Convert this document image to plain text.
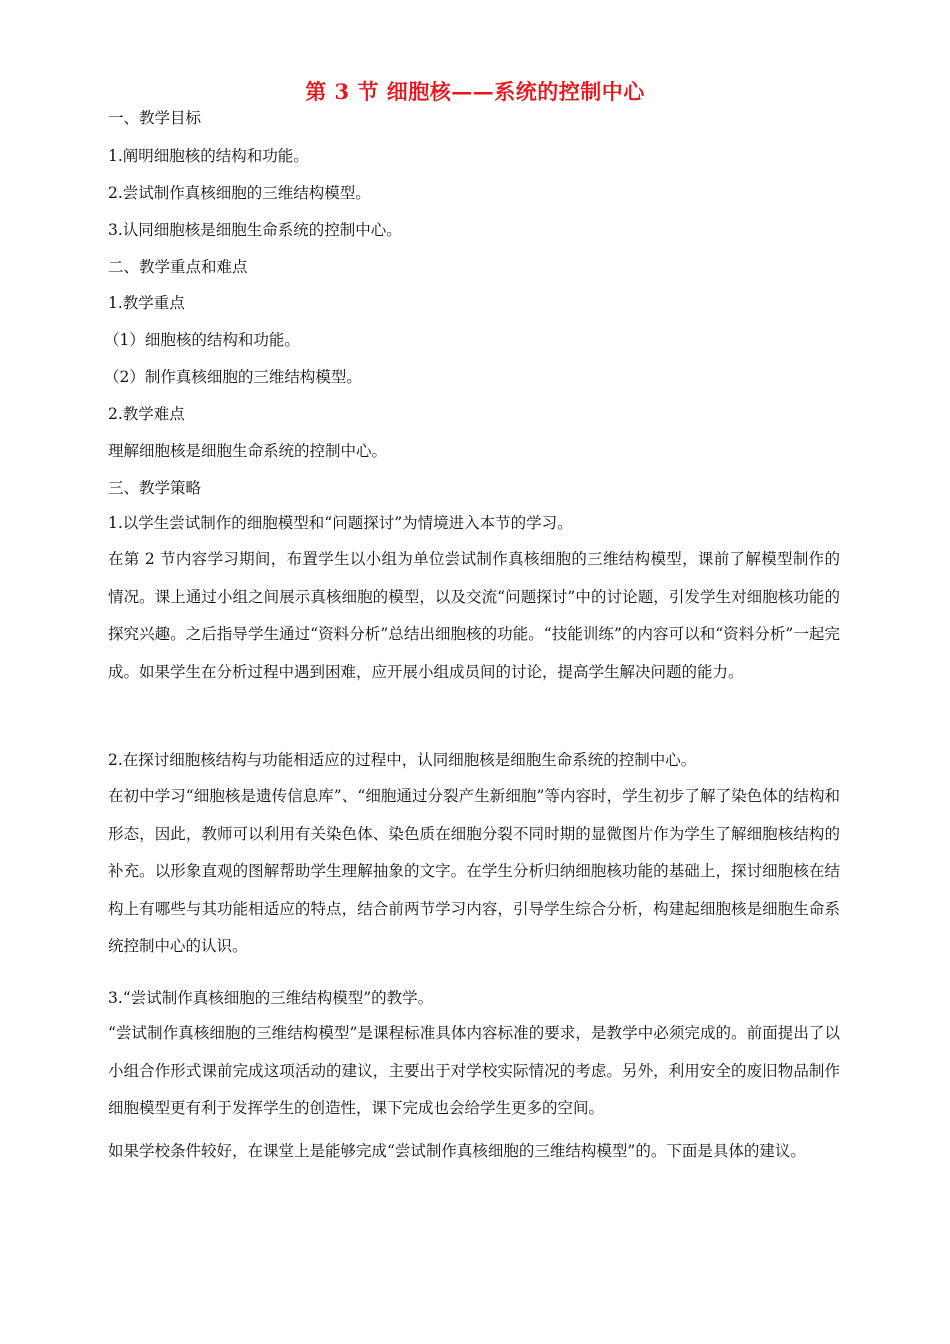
第 3 节 细胞核——系统的控制中心
一、教学目标
1.阐明细胞核的结构和功能。
2.尝试制作真核细胞的三维结构模型。
3.认同细胞核是细胞生命系统的控制中心。
二、教学重点和难点
1.教学重点
（1）细胞核的结构和功能。
（2）制作真核细胞的三维结构模型。
2.教学难点
理解细胞核是细胞生命系统的控制中心。
三、教学策略
1.以学生尝试制作的细胞模型和“问题探讨”为情境进入本节的学习。
在第 2 节内容学习期间，布置学生以小组为单位尝试制作真核细胞的三维结构模型，课前了解模型制作的情况。课上通过小组之间展示真核细胞的模型，以及交流“问题探讨”中的讨论题，引发学生对细胞核功能的探究兴趣。之后指导学生通过“资料分析”总结出细胞核的功能。“技能训练”的内容可以和“资料分析”一起完成。如果学生在分析过程中遇到困难，应开展小组成员间的讨论，提高学生解决问题的能力。
2.在探讨细胞核结构与功能相适应的过程中，认同细胞核是细胞生命系统的控制中心。
在初中学习“细胞核是遗传信息库”、“细胞通过分裂产生新细胞”等内容时，学生初步了解了染色体的结构和形态，因此，教师可以利用有关染色体、染色质在细胞分裂不同时期的显微图片作为学生了解细胞核结构的补充。以形象直观的图解帮助学生理解抽象的文字。在学生分析归纳细胞核功能的基础上，探讨细胞核在结构上有哪些与其功能相适应的特点，结合前两节学习内容，引导学生综合分析，构建起细胞核是细胞生命系统控制中心的认识。
3.“尝试制作真核细胞的三维结构模型”的教学。
“尝试制作真核细胞的三维结构模型”是课程标准具体内容标准的要求，是教学中必须完成的。前面提出了以小组合作形式课前完成这项活动的建议，主要出于对学校实际情况的考虑。另外，利用安全的废旧物品制作细胞模型更有利于发挥学生的创造性，课下完成也会给学生更多的空间。
如果学校条件较好，在课堂上是能够完成“尝试制作真核细胞的三维结构模型”的。下面是具体的建议。
